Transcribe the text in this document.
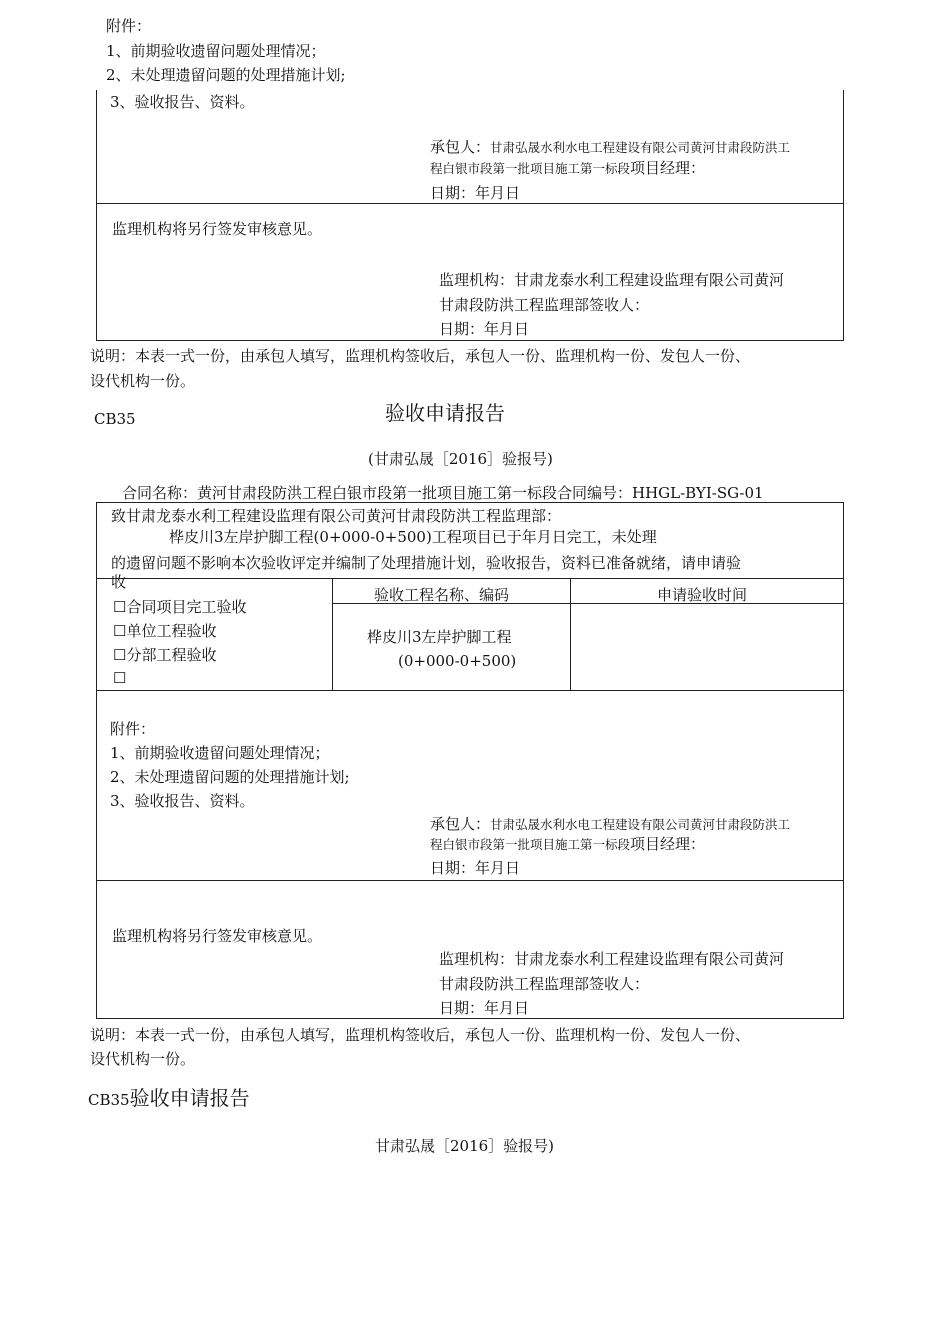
附件：
1、前期验收遗留问题处理情况；
2、未处理遗留问题的处理措施计划;
3、验收报告、资料。
承包人：甘肃弘晟水利水电工程建设有限公司黄河甘肃段防洪工
程白银市段第一批项目施工第一标段项目经理：
日期：年月日
监理机构将另行签发审核意见。
监理机构：甘肃龙泰水利工程建设监理有限公司黄河
甘肃段防洪工程监理部签收人：
日期：年月日
说明：本表一式一份，由承包人填写，监理机构签收后，承包人一份、监理机构一份、发包人一份、
设代机构一份。
CB35	验收申请报告
(甘肃弘晟［2016］验报号)
合同名称：黄河甘肃段防洪工程白银市段第一批项目施工第一标段合同编号：HHGL-BYI-SG-01
致甘肃龙泰水利工程建设监理有限公司黄河甘肃段防洪工程监理部：
桦皮川3左岸护脚工程(0+000-0+500)工程项目已于年月日完工，未处理
的遗留问题不影响本次验收评定并编制了处理措施计划，验收报告，资料已准备就绪，请申请验
收
☐合同项目完工验收
☐单位工程验收
☐分部工程验收
☐
验收工程名称、编码	申请验收时间
桦皮川3左岸护脚工程
(0+000-0+500)
附件：
1、前期验收遗留问题处理情况；
2、未处理遗留问题的处理措施计划;
3、验收报告、资料。
承包人：甘肃弘晟水利水电工程建设有限公司黄河甘肃段防洪工
程白银市段第一批项目施工第一标段项目经理：
日期：年月日
监理机构将另行签发审核意见。
监理机构：甘肃龙泰水利工程建设监理有限公司黄河
甘肃段防洪工程监理部签收人：
日期：年月日
说明：本表一式一份，由承包人填写，监理机构签收后，承包人一份、监理机构一份、发包人一份、
设代机构一份。
CB35验收申请报告
甘肃弘晟［2016］验报号)
